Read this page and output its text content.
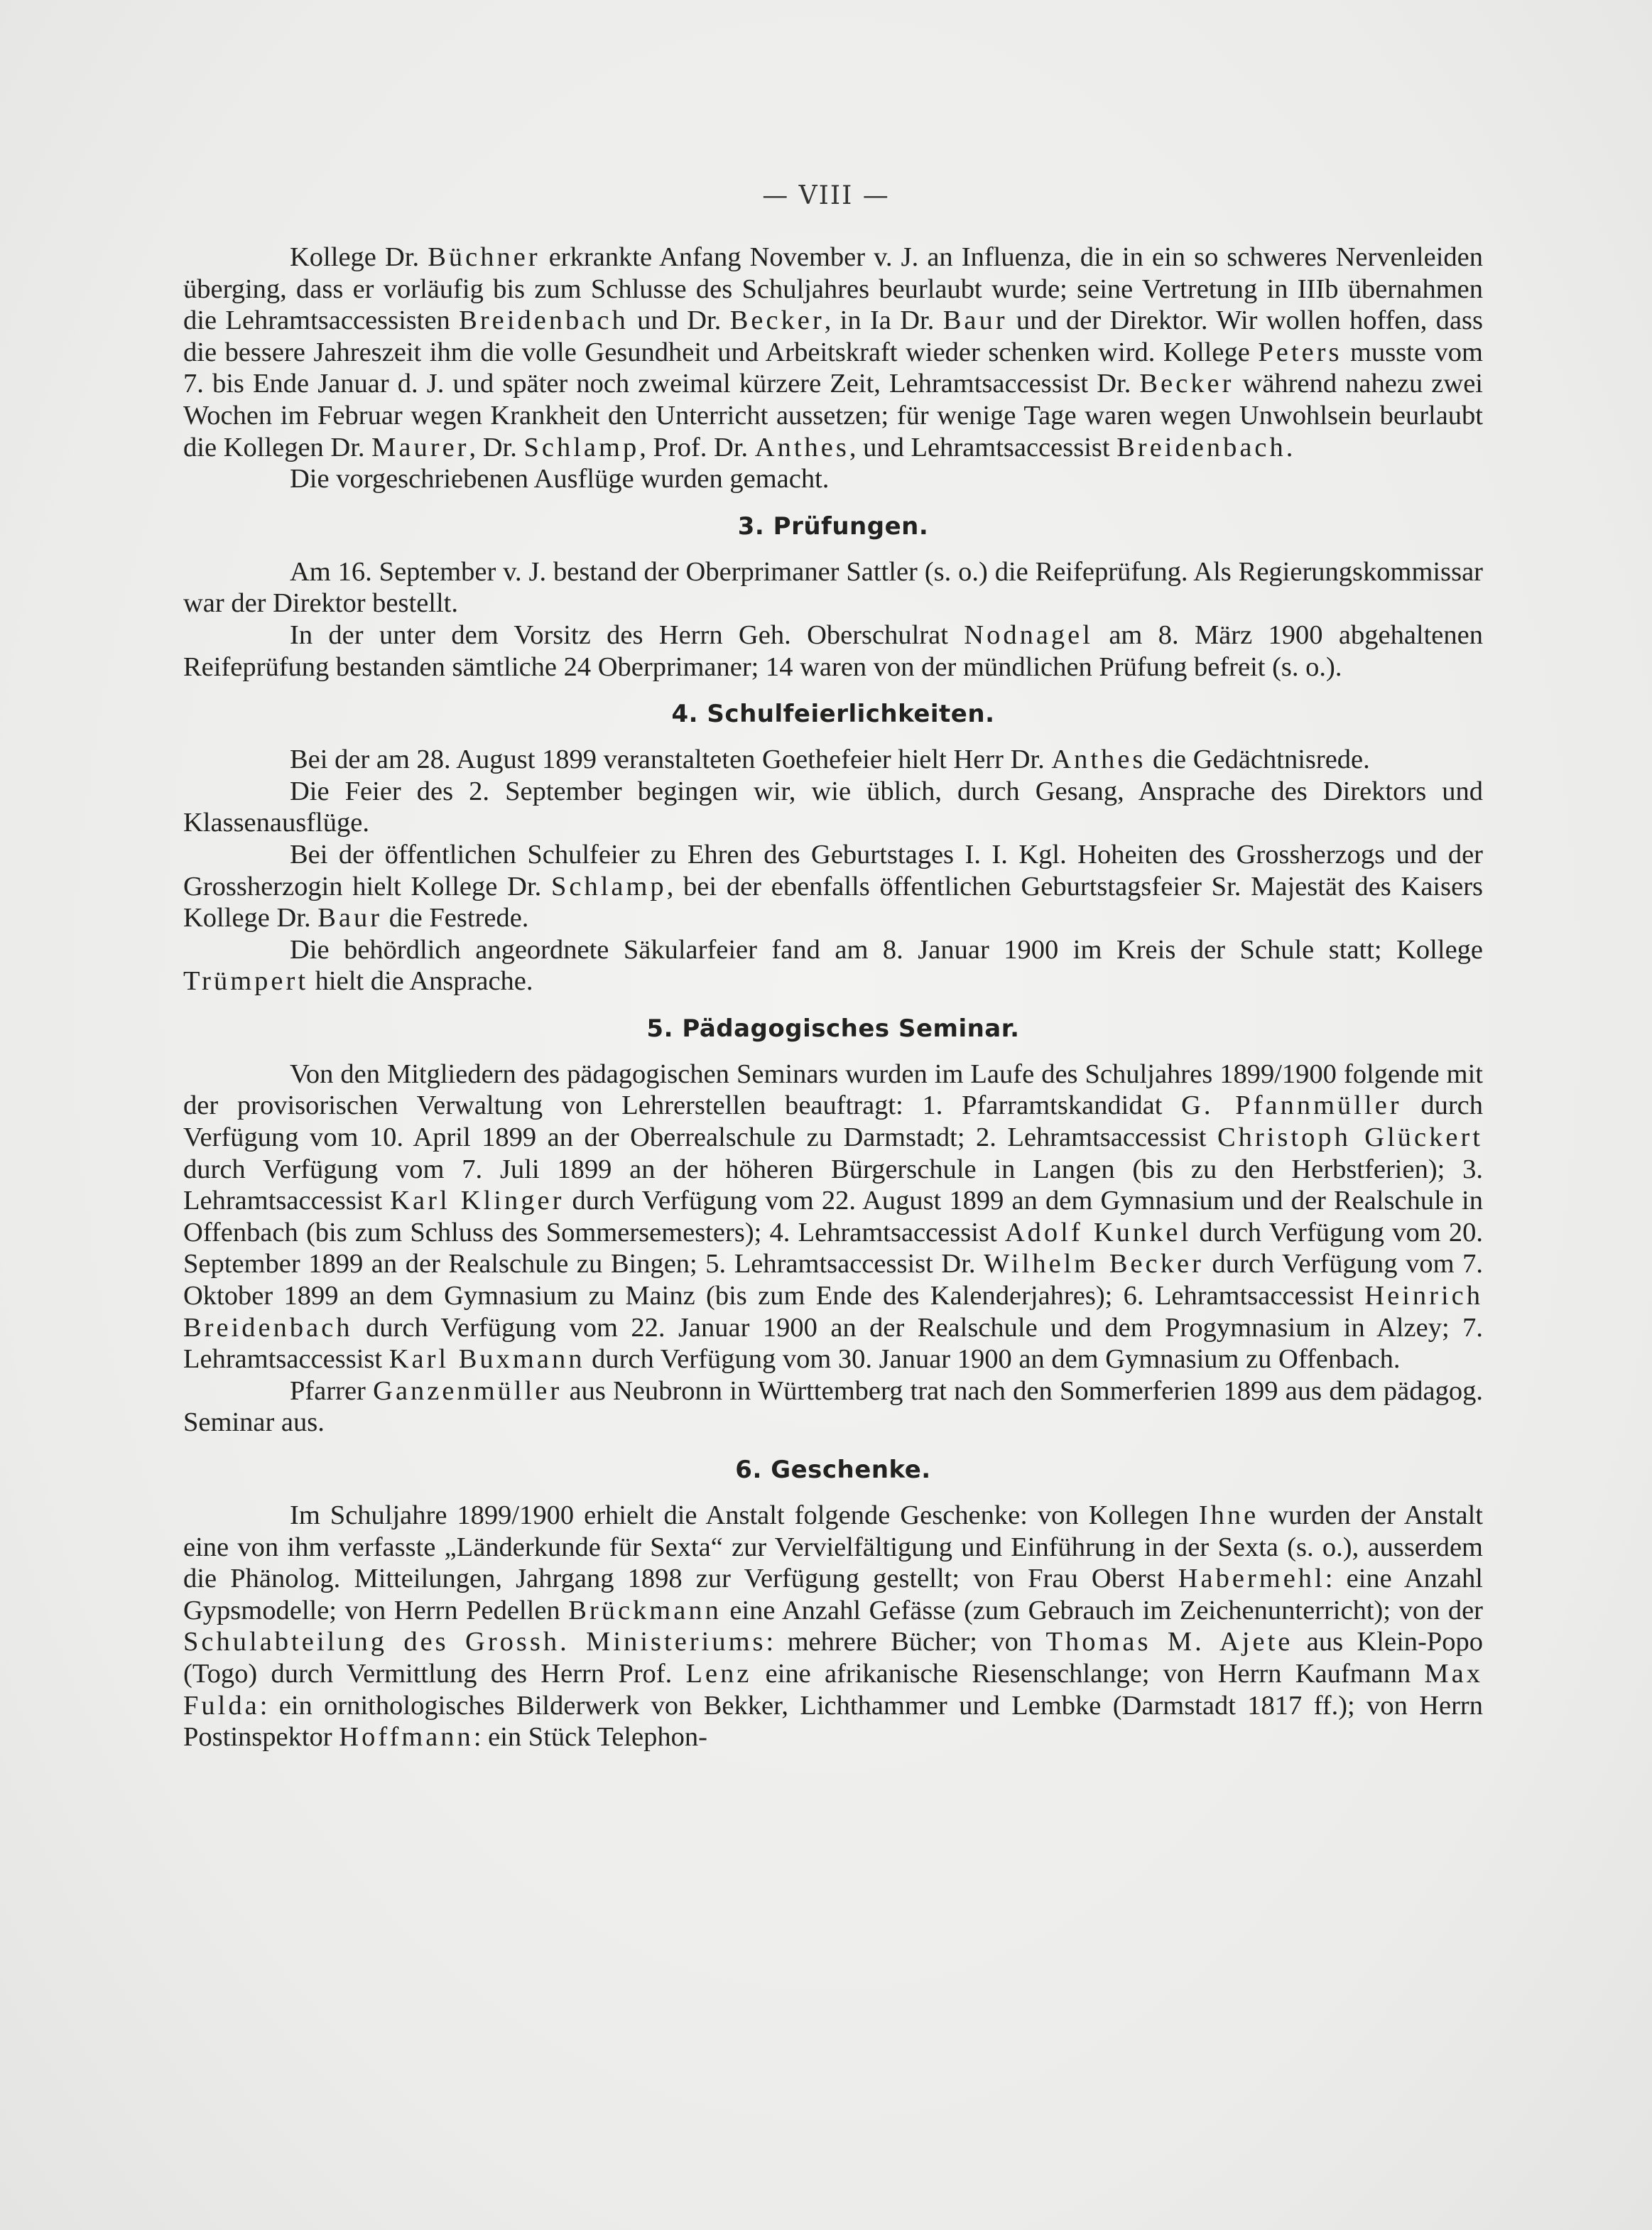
— VIII —

Kollege Dr. Büchner erkrankte Anfang November v. J. an Influenza, die in ein so schweres Nervenleiden überging, dass er vorläufig bis zum Schlusse des Schuljahres beurlaubt wurde; seine Vertretung in IIIb übernahmen die Lehramtsaccessisten Breidenbach und Dr. Becker, in Ia Dr. Baur und der Direktor. Wir wollen hoffen, dass die bessere Jahreszeit ihm die volle Gesundheit und Arbeitskraft wieder schenken wird. Kollege Peters musste vom 7. bis Ende Januar d. J. und später noch zweimal kürzere Zeit, Lehramtsaccessist Dr. Becker während nahezu zwei Wochen im Februar wegen Krankheit den Unterricht aussetzen; für wenige Tage waren wegen Unwohlsein beurlaubt die Kollegen Dr. Maurer, Dr. Schlamp, Prof. Dr. Anthes, und Lehramtsaccessist Breidenbach.

Die vorgeschriebenen Ausflüge wurden gemacht.

3. Prüfungen.

Am 16. September v. J. bestand der Oberprimaner Sattler (s. o.) die Reifeprüfung. Als Regierungskommissar war der Direktor bestellt.

In der unter dem Vorsitz des Herrn Geh. Oberschulrat Nodnagel am 8. März 1900 abgehaltenen Reifeprüfung bestanden sämtliche 24 Oberprimaner; 14 waren von der mündlichen Prüfung befreit (s. o.).

4. Schulfeierlichkeiten.

Bei der am 28. August 1899 veranstalteten Goethefeier hielt Herr Dr. Anthes die Gedächtnisrede.

Die Feier des 2. September begingen wir, wie üblich, durch Gesang, Ansprache des Direktors und Klassenausflüge.

Bei der öffentlichen Schulfeier zu Ehren des Geburtstages I. I. Kgl. Hoheiten des Grossherzogs und der Grossherzogin hielt Kollege Dr. Schlamp, bei der ebenfalls öffentlichen Geburtstagsfeier Sr. Majestät des Kaisers Kollege Dr. Baur die Festrede.

Die behördlich angeordnete Säkularfeier fand am 8. Januar 1900 im Kreis der Schule statt; Kollege Trümpert hielt die Ansprache.

5. Pädagogisches Seminar.

Von den Mitgliedern des pädagogischen Seminars wurden im Laufe des Schuljahres 1899/1900 folgende mit der provisorischen Verwaltung von Lehrerstellen beauftragt: 1. Pfarramtskandidat G. Pfannmüller durch Verfügung vom 10. April 1899 an der Oberrealschule zu Darmstadt; 2. Lehramtsaccessist Christoph Glückert durch Verfügung vom 7. Juli 1899 an der höheren Bürgerschule in Langen (bis zu den Herbstferien); 3. Lehramtsaccessist Karl Klinger durch Verfügung vom 22. August 1899 an dem Gymnasium und der Realschule in Offenbach (bis zum Schluss des Sommersemesters); 4. Lehramtsaccessist Adolf Kunkel durch Verfügung vom 20. September 1899 an der Realschule zu Bingen; 5. Lehramtsaccessist Dr. Wilhelm Becker durch Verfügung vom 7. Oktober 1899 an dem Gymnasium zu Mainz (bis zum Ende des Kalenderjahres); 6. Lehramtsaccessist Heinrich Breidenbach durch Verfügung vom 22. Januar 1900 an der Realschule und dem Progymnasium in Alzey; 7. Lehramtsaccessist Karl Buxmann durch Verfügung vom 30. Januar 1900 an dem Gymnasium zu Offenbach.

Pfarrer Ganzenmüller aus Neubronn in Württemberg trat nach den Sommerferien 1899 aus dem pädagog. Seminar aus.

6. Geschenke.

Im Schuljahre 1899/1900 erhielt die Anstalt folgende Geschenke: von Kollegen Ihne wurden der Anstalt eine von ihm verfasste „Länderkunde für Sexta“ zur Vervielfältigung und Einführung in der Sexta (s. o.), ausserdem die Phänolog. Mitteilungen, Jahrgang 1898 zur Verfügung gestellt; von Frau Oberst Habermehl: eine Anzahl Gypsmodelle; von Herrn Pedellen Brückmann eine Anzahl Gefässe (zum Gebrauch im Zeichenunterricht); von der Schulabteilung des Grossh. Ministeriums: mehrere Bücher; von Thomas M. Ajete aus Klein-Popo (Togo) durch Vermittlung des Herrn Prof. Lenz eine afrikanische Riesenschlange; von Herrn Kaufmann Max Fulda: ein ornithologisches Bilderwerk von Bekker, Lichthammer und Lembke (Darmstadt 1817 ff.); von Herrn Postinspektor Hoffmann: ein Stück Telephon-
